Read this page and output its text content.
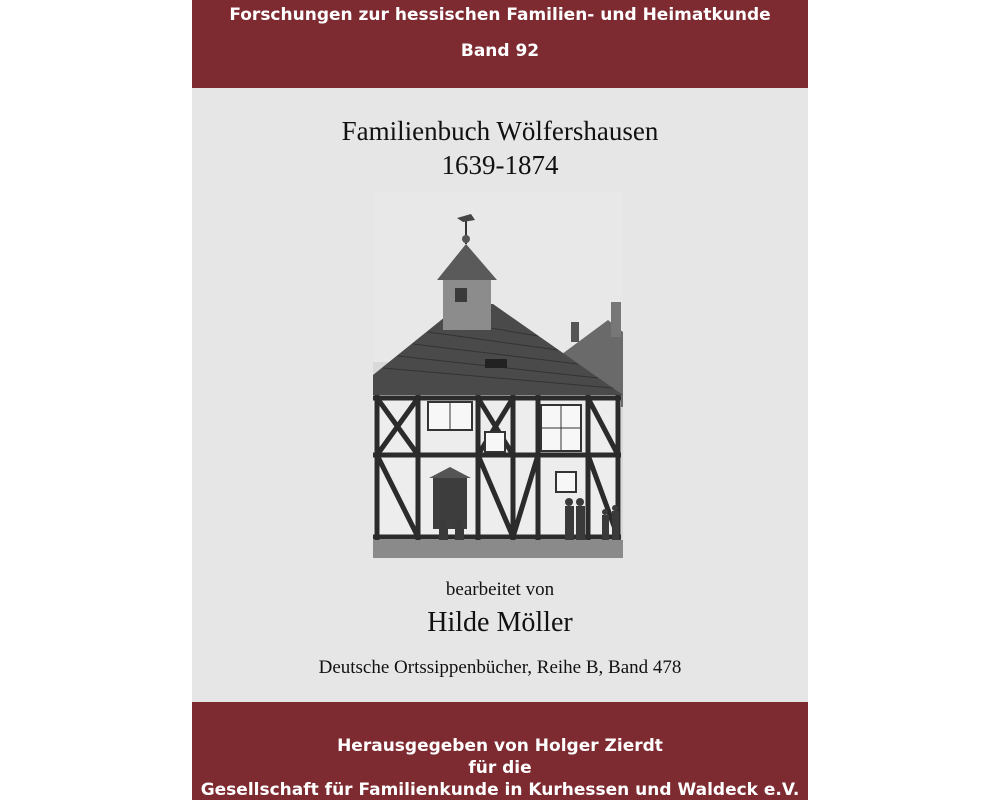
Forschungen zur hessischen Familien- und Heimatkunde
Band 92
Familienbuch Wölfershausen
1639-1874
bearbeitet von
Hilde Möller
Deutsche Ortssippenbücher, Reihe B, Band 478
Herausgegeben von Holger Zierdt
für die
Gesellschaft für Familienkunde in Kurhessen und Waldeck e.V.
